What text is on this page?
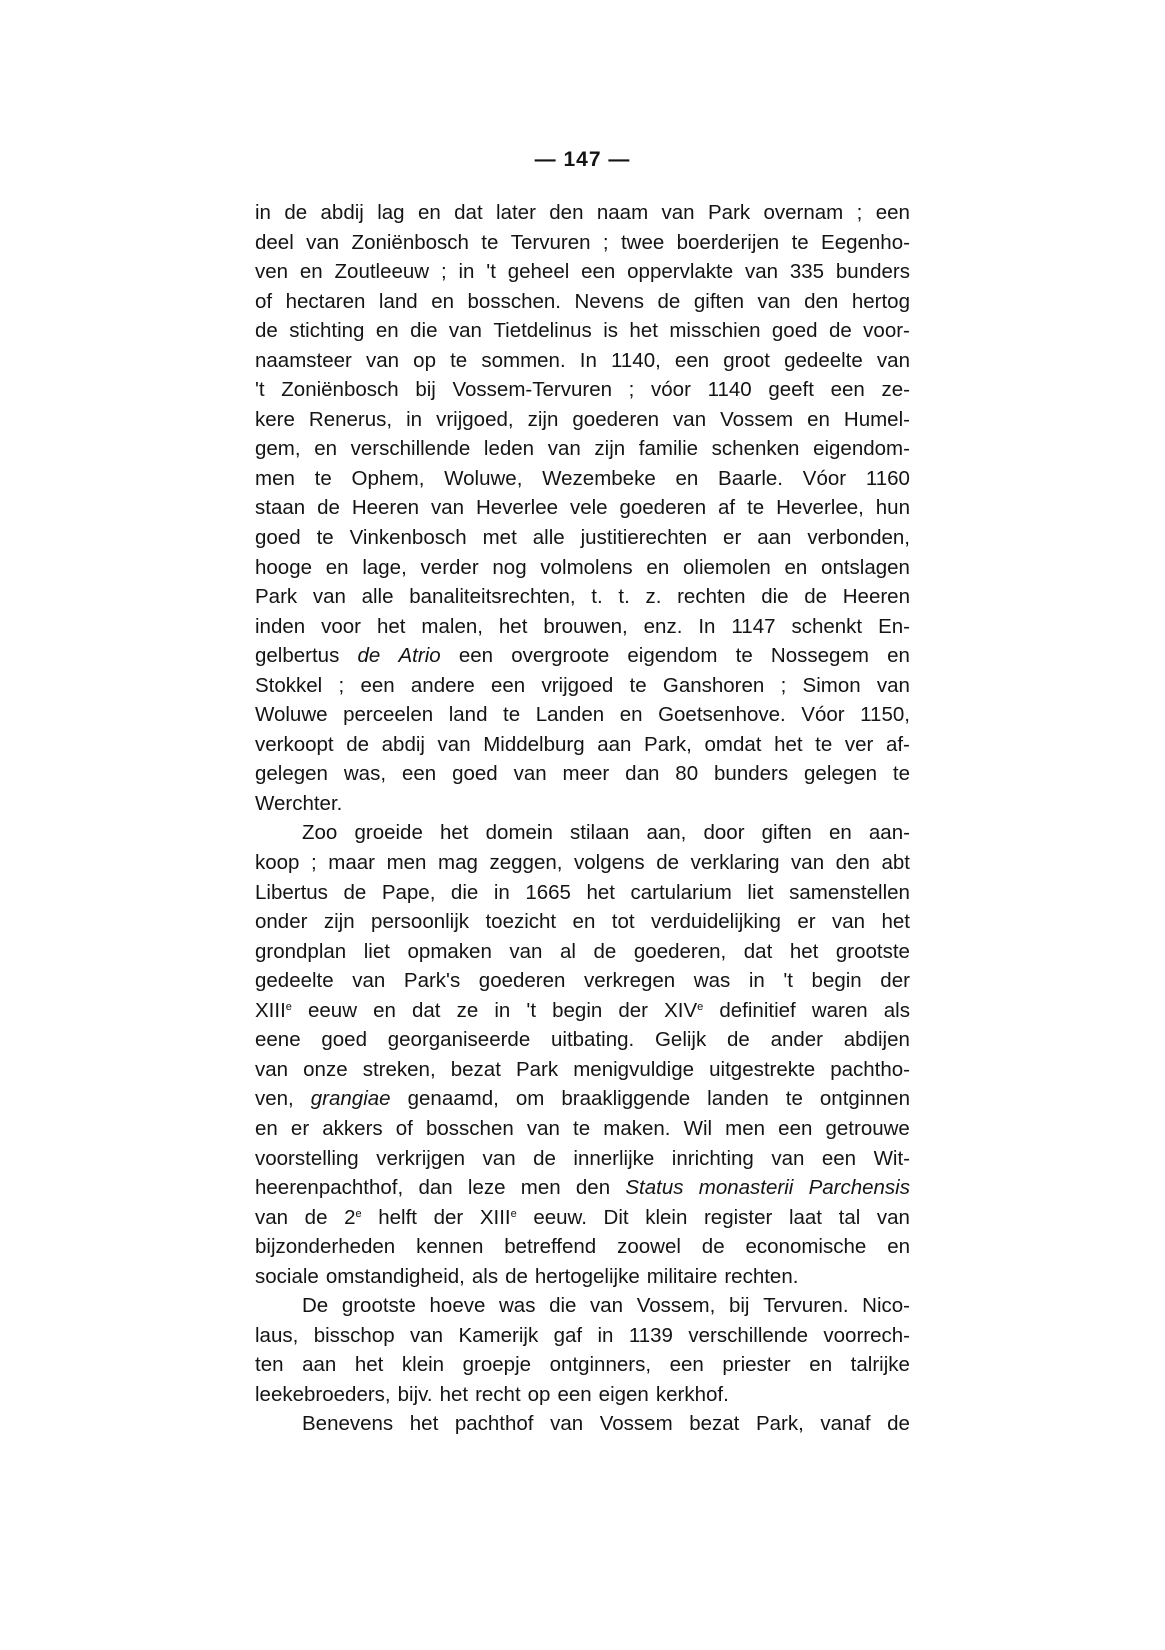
— 147 —
in de abdij lag en dat later den naam van Park overnam ; een
deel van Zoniënbosch te Tervuren ; twee boerderijen te Eegenho-
ven en Zoutleeuw ; in 't geheel een oppervlakte van 335 bunders
of hectaren land en bosschen. Nevens de giften van den hertog
de stichting en die van Tietdelinus is het misschien goed de voor-
naamsteer van op te sommen. In 1140, een groot gedeelte van
't Zoniënbosch bij Vossem-Tervuren ; vóor 1140 geeft een ze-
kere Renerus, in vrijgoed, zijn goederen van Vossem en Humel-
gem, en verschillende leden van zijn familie schenken eigendom-
men te Ophem, Woluwe, Wezembeke en Baarle. Vóor 1160
staan de Heeren van Heverlee vele goederen af te Heverlee, hun
goed te Vinkenbosch met alle justitierechten er aan verbonden,
hooge en lage, verder nog volmolens en oliemolen en ontslagen
Park van alle banaliteitsrechten, t. t. z. rechten die de Heeren
inden voor het malen, het brouwen, enz. In 1147 schenkt En-
gelbertus de Atrio een overgroote eigendom te Nossegem en
Stokkel ; een andere een vrijgoed te Ganshoren ; Simon van
Woluwe perceelen land te Landen en Goetsenhove. Vóor 1150,
verkoopt de abdij van Middelburg aan Park, omdat het te ver af-
gelegen was, een goed van meer dan 80 bunders gelegen te
Werchter.
Zoo groeide het domein stilaan aan, door giften en aan-
koop ; maar men mag zeggen, volgens de verklaring van den abt
Libertus de Pape, die in 1665 het cartularium liet samenstellen
onder zijn persoonlijk toezicht en tot verduidelijking er van het
grondplan liet opmaken van al de goederen, dat het grootste
gedeelte van Park's goederen verkregen was in 't begin der
XIIIe eeuw en dat ze in 't begin der XIVe definitief waren als
eene goed georganiseerde uitbating. Gelijk de ander abdijen
van onze streken, bezat Park menigvuldige uitgestrekte pachtho-
ven, grangiae genaamd, om braakliggende landen te ontginnen
en er akkers of bosschen van te maken. Wil men een getrouwe
voorstelling verkrijgen van de innerlijke inrichting van een Wit-
heerenpachthof, dan leze men den Status monasterii Parchensis
van de 2e helft der XIIIe eeuw. Dit klein register laat tal van
bijzonderheden kennen betreffend zoowel de economische en
sociale omstandigheid, als de hertogelijke militaire rechten.
De grootste hoeve was die van Vossem, bij Tervuren. Nico-
laus, bisschop van Kamerijk gaf in 1139 verschillende voorrech-
ten aan het klein groepje ontginners, een priester en talrijke
leekebroeders, bijv. het recht op een eigen kerkhof.
Benevens het pachthof van Vossem bezat Park, vanaf de
